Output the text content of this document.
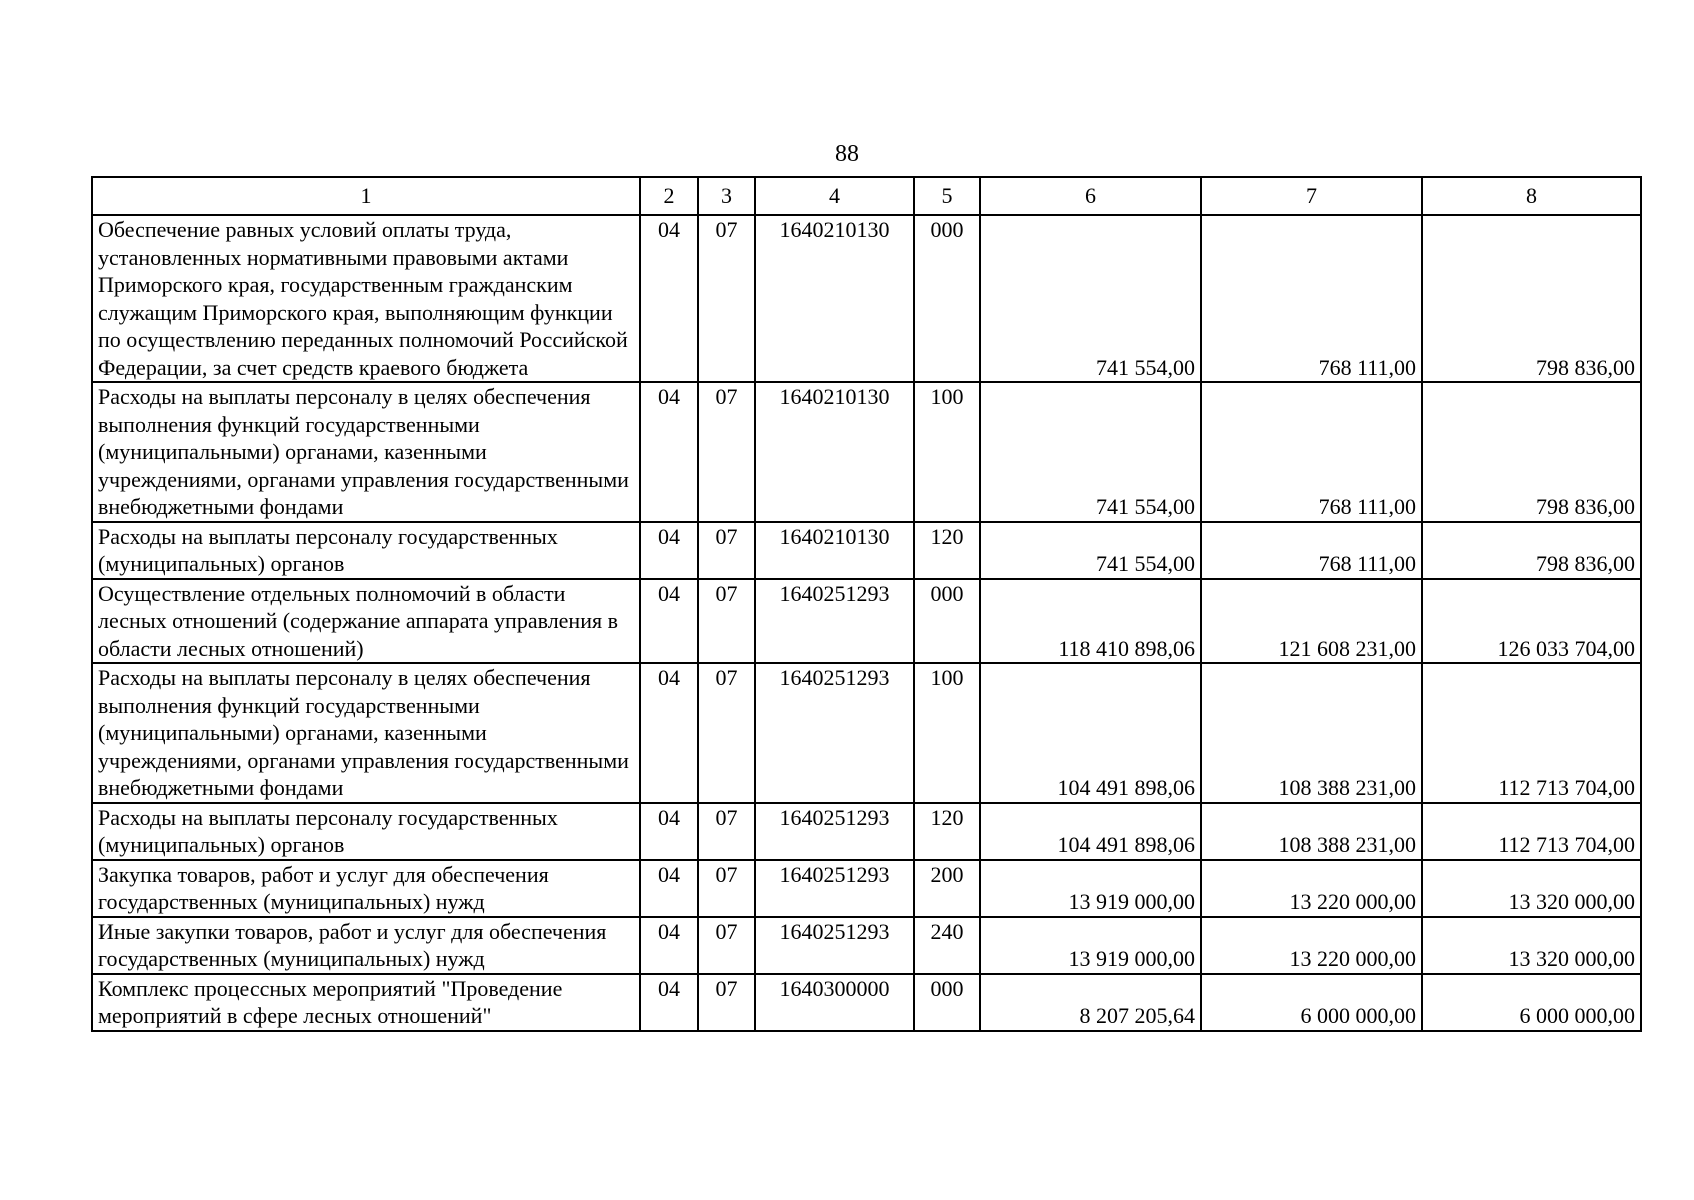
88
1	2	3	4	5	6	7	8
Обеспечение равных условий оплаты труда, установленных нормативными правовыми актами Приморского края, государственным гражданским служащим Приморского края, выполняющим функции по осуществлению переданных полномочий Российской Федерации, за счет средств краевого бюджета	04	07	1640210130	000	741 554,00	768 111,00	798 836,00
Расходы на выплаты персоналу в целях обеспечения выполнения функций государственными (муниципальными) органами, казенными учреждениями, органами управления государственными внебюджетными фондами	04	07	1640210130	100	741 554,00	768 111,00	798 836,00
Расходы на выплаты персоналу государственных (муниципальных) органов	04	07	1640210130	120	741 554,00	768 111,00	798 836,00
Осуществление отдельных полномочий в области лесных отношений (содержание аппарата управления в области лесных отношений)	04	07	1640251293	000	118 410 898,06	121 608 231,00	126 033 704,00
Расходы на выплаты персоналу в целях обеспечения выполнения функций государственными (муниципальными) органами, казенными учреждениями, органами управления государственными внебюджетными фондами	04	07	1640251293	100	104 491 898,06	108 388 231,00	112 713 704,00
Расходы на выплаты персоналу государственных (муниципальных) органов	04	07	1640251293	120	104 491 898,06	108 388 231,00	112 713 704,00
Закупка товаров, работ и услуг для обеспечения государственных (муниципальных) нужд	04	07	1640251293	200	13 919 000,00	13 220 000,00	13 320 000,00
Иные закупки товаров, работ и услуг для обеспечения государственных (муниципальных) нужд	04	07	1640251293	240	13 919 000,00	13 220 000,00	13 320 000,00
Комплекс процессных мероприятий "Проведение мероприятий в сфере лесных отношений"	04	07	1640300000	000	8 207 205,64	6 000 000,00	6 000 000,00
